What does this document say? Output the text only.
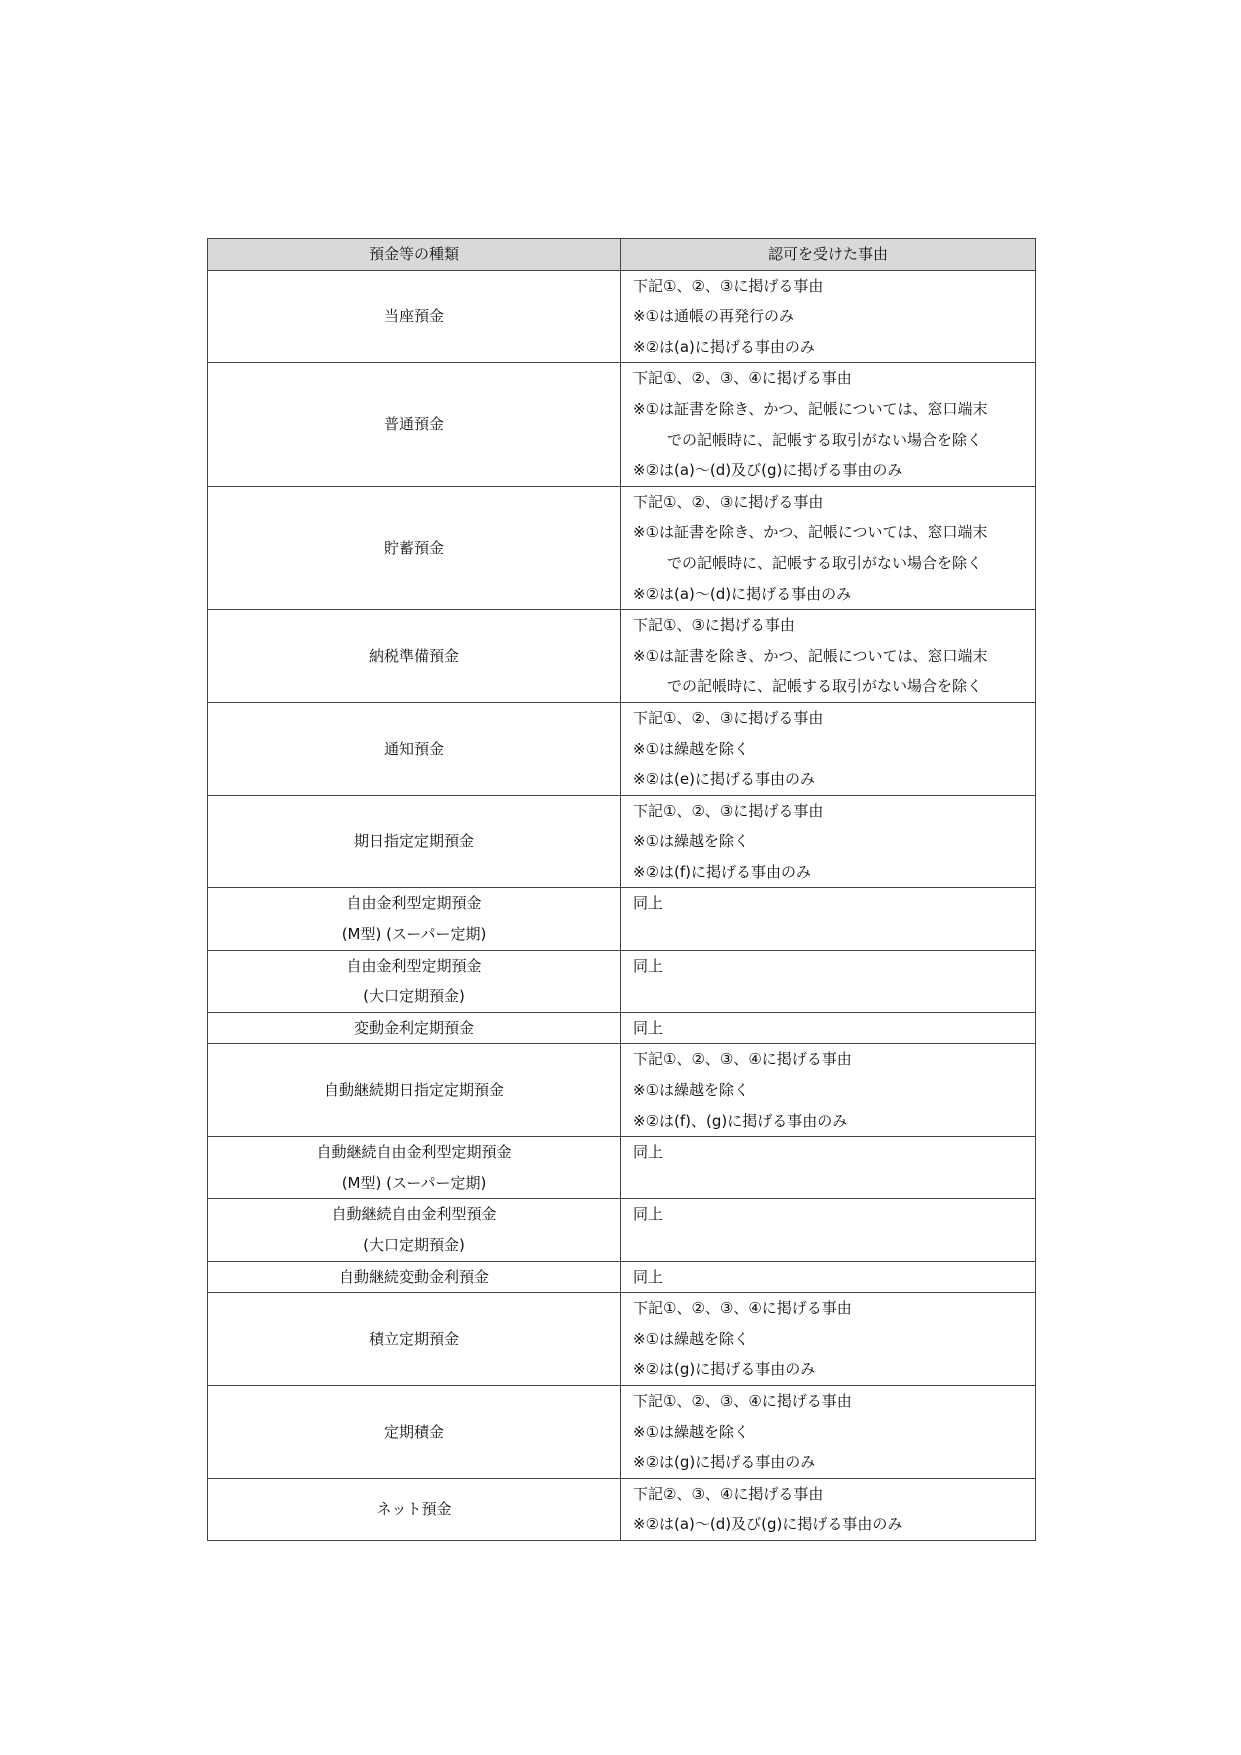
預金等の種類	認可を受けた事由

当座預金	下記①、②、③に掲げる事由
※①は通帳の再発行のみ
※②は(a)に掲げる事由のみ

普通預金	下記①、②、③、④に掲げる事由
※①は証書を除き、かつ、記帳については、窓口端末
での記帳時に、記帳する取引がない場合を除く
※②は(a)～(d)及び(g)に掲げる事由のみ

貯蓄預金	下記①、②、③に掲げる事由
※①は証書を除き、かつ、記帳については、窓口端末
での記帳時に、記帳する取引がない場合を除く
※②は(a)～(d)に掲げる事由のみ

納税準備預金	下記①、③に掲げる事由
※①は証書を除き、かつ、記帳については、窓口端末
での記帳時に、記帳する取引がない場合を除く

通知預金	下記①、②、③に掲げる事由
※①は繰越を除く
※②は(e)に掲げる事由のみ

期日指定定期預金	下記①、②、③に掲げる事由
※①は繰越を除く
※②は(f)に掲げる事由のみ

自由金利型定期預金
(M型) (スーパー定期)	同上

自由金利型定期預金
(大口定期預金)	同上

変動金利定期預金	同上

自動継続期日指定定期預金	下記①、②、③、④に掲げる事由
※①は繰越を除く
※②は(f)、(g)に掲げる事由のみ

自動継続自由金利型定期預金
(M型) (スーパー定期)	同上

自動継続自由金利型預金
(大口定期預金)	同上

自動継続変動金利預金	同上

積立定期預金	下記①、②、③、④に掲げる事由
※①は繰越を除く
※②は(g)に掲げる事由のみ

定期積金	下記①、②、③、④に掲げる事由
※①は繰越を除く
※②は(g)に掲げる事由のみ

ネット預金	下記②、③、④に掲げる事由
※②は(a)～(d)及び(g)に掲げる事由のみ
